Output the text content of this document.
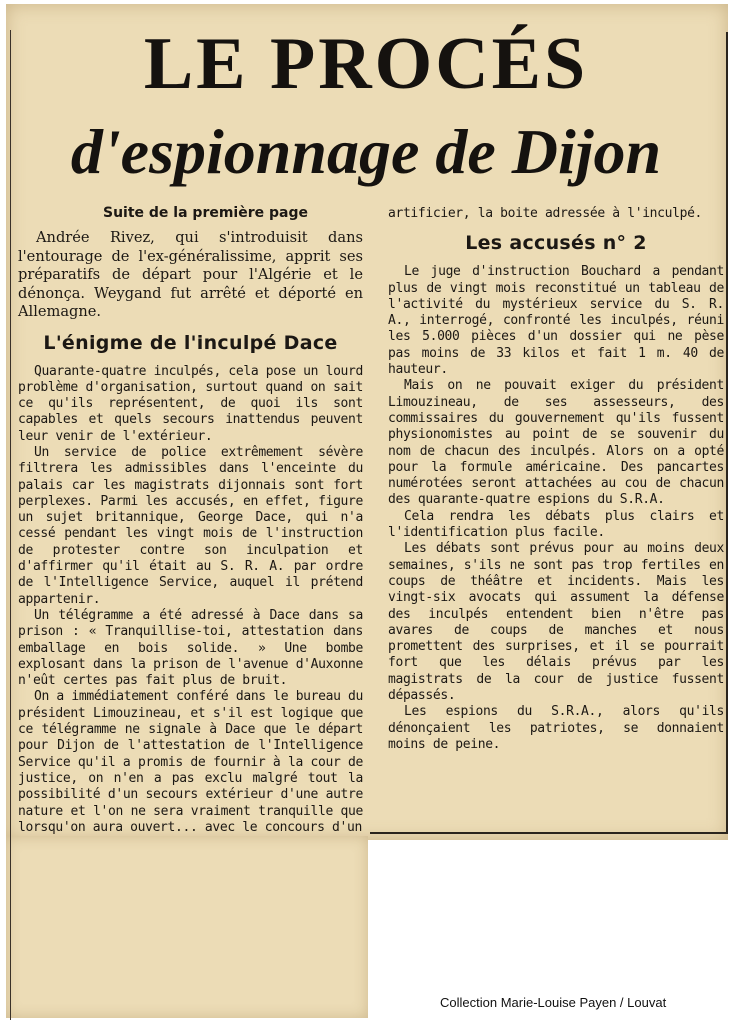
LE PROCÉS
d'espionnage de Dijon
Suite de la première page

Andrée Rivez, qui s'introduisit dans l'entourage de l'ex-généralissime, apprit ses préparatifs de départ pour l'Algérie et le dénonça. Weygand fut arrêté et déporté en Allemagne.

L'énigme de l'inculpé Dace

Quarante-quatre inculpés, cela pose un lourd problème d'organisation, surtout quand on sait ce qu'ils représentent, de quoi ils sont capables et quels secours inattendus peuvent leur venir de l'extérieur.

Un service de police extrêmement sévère filtrera les admissibles dans l'enceinte du palais car les magistrats dijonnais sont fort perplexes. Parmi les accusés, en effet, figure un sujet britannique, George Dace, qui n'a cessé pendant les vingt mois de l'instruction de protester contre son inculpation et d'affirmer qu'il était au S. R. A. par ordre de l'Intelligence Service, auquel il prétend appartenir.

Un télégramme a été adressé à Dace dans sa prison : « Tranquillise-toi, attestation dans emballage en bois solide. » Une bombe explosant dans la prison de l'avenue d'Auxonne n'eût certes pas fait plus de bruit.

On a immédiatement conféré dans le bureau du président Limouzineau, et s'il est logique que ce télégramme ne signale à Dace que le départ pour Dijon de l'attestation de l'Intelligence Service qu'il a promis de fournir à la cour de justice, on n'en a pas exclu malgré tout la possibilité d'un secours extérieur d'une autre nature et l'on ne sera vraiment tranquille que lorsqu'on aura ouvert... avec le concours d'un

artificier, la boite adressée à l'inculpé.

Les accusés n° 2

Le juge d'instruction Bouchard a pendant plus de vingt mois reconstitué un tableau de l'activité du mystérieux service du S. R. A., interrogé, confronté les inculpés, réuni les 5.000 pièces d'un dossier qui ne pèse pas moins de 33 kilos et fait 1 m. 40 de hauteur.

Mais on ne pouvait exiger du président Limouzineau, de ses assesseurs, des commissaires du gouvernement qu'ils fussent physionomistes au point de se souvenir du nom de chacun des inculpés. Alors on a opté pour la formule américaine. Des pancartes numérotées seront attachées au cou de chacun des quarante-quatre espions du S.R.A.

Cela rendra les débats plus clairs et l'identification plus facile.

Les débats sont prévus pour au moins deux semaines, s'ils ne sont pas trop fertiles en coups de théâtre et incidents. Mais les vingt-six avocats qui assument la défense des inculpés entendent bien n'être pas avares de coups de manches et nous promettent des surprises, et il se pourrait fort que les délais prévus par les magistrats de la cour de justice fussent dépassés.

Les espions du S.R.A., alors qu'ils dénonçaient les patriotes, se donnaient moins de peine.

Collection Marie-Louise Payen / Louvat
